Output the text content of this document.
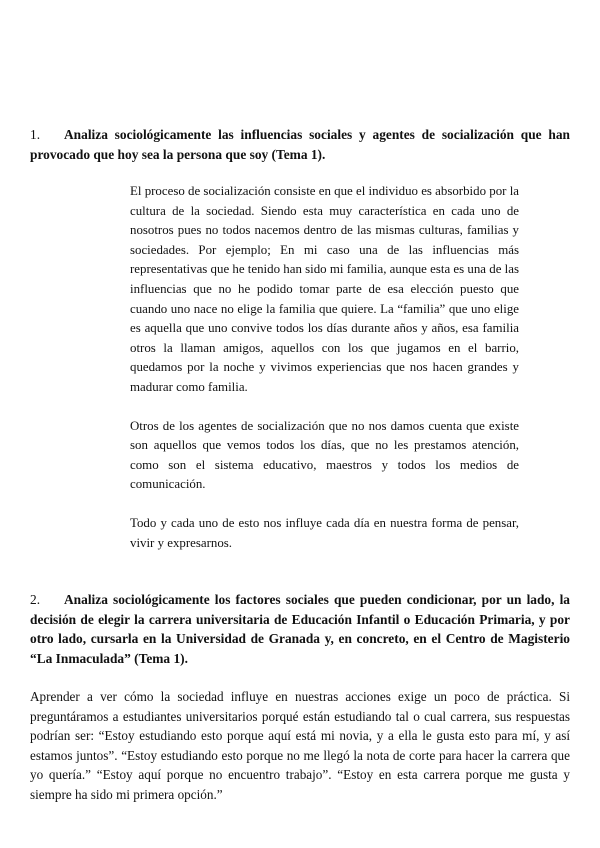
1. Analiza sociológicamente las influencias sociales y agentes de socialización que han provocado que hoy sea la persona que soy (Tema 1).

El proceso de socialización consiste en que el individuo es absorbido por la cultura de la sociedad. Siendo esta muy característica en cada uno de nosotros pues no todos nacemos dentro de las mismas culturas, familias y sociedades. Por ejemplo; En mi caso una de las influencias más representativas que he tenido han sido mi familia, aunque esta es una de las influencias que no he podido tomar parte de esa elección puesto que cuando uno nace no elige la familia que quiere. La “familia” que uno elige es aquella que uno convive todos los días durante años y años, esa familia otros la llaman amigos, aquellos con los que jugamos en el barrio, quedamos por la noche y vivimos experiencias que nos hacen grandes y madurar como familia.

Otros de los agentes de socialización que no nos damos cuenta que existe son aquellos que vemos todos los días, que no les prestamos atención, como son el sistema educativo, maestros y todos los medios de comunicación.

Todo y cada uno de esto nos influye cada día en nuestra forma de pensar, vivir y expresarnos.

2. Analiza sociológicamente los factores sociales que pueden condicionar, por un lado, la decisión de elegir la carrera universitaria de Educación Infantil o Educación Primaria, y por otro lado, cursarla en la Universidad de Granada y, en concreto, en el Centro de Magisterio “La Inmaculada” (Tema 1).

Aprender a ver cómo la sociedad influye en nuestras acciones exige un poco de práctica. Si preguntáramos a estudiantes universitarios porqué están estudiando tal o cual carrera, sus respuestas podrían ser: “Estoy estudiando esto porque aquí está mi novia, y a ella le gusta esto para mí, y así estamos juntos”. “Estoy estudiando esto porque no me llegó la nota de corte para hacer la carrera que yo quería.” “Estoy aquí porque no encuentro trabajo”. “Estoy en esta carrera porque me gusta y siempre ha sido mi primera opción.”
